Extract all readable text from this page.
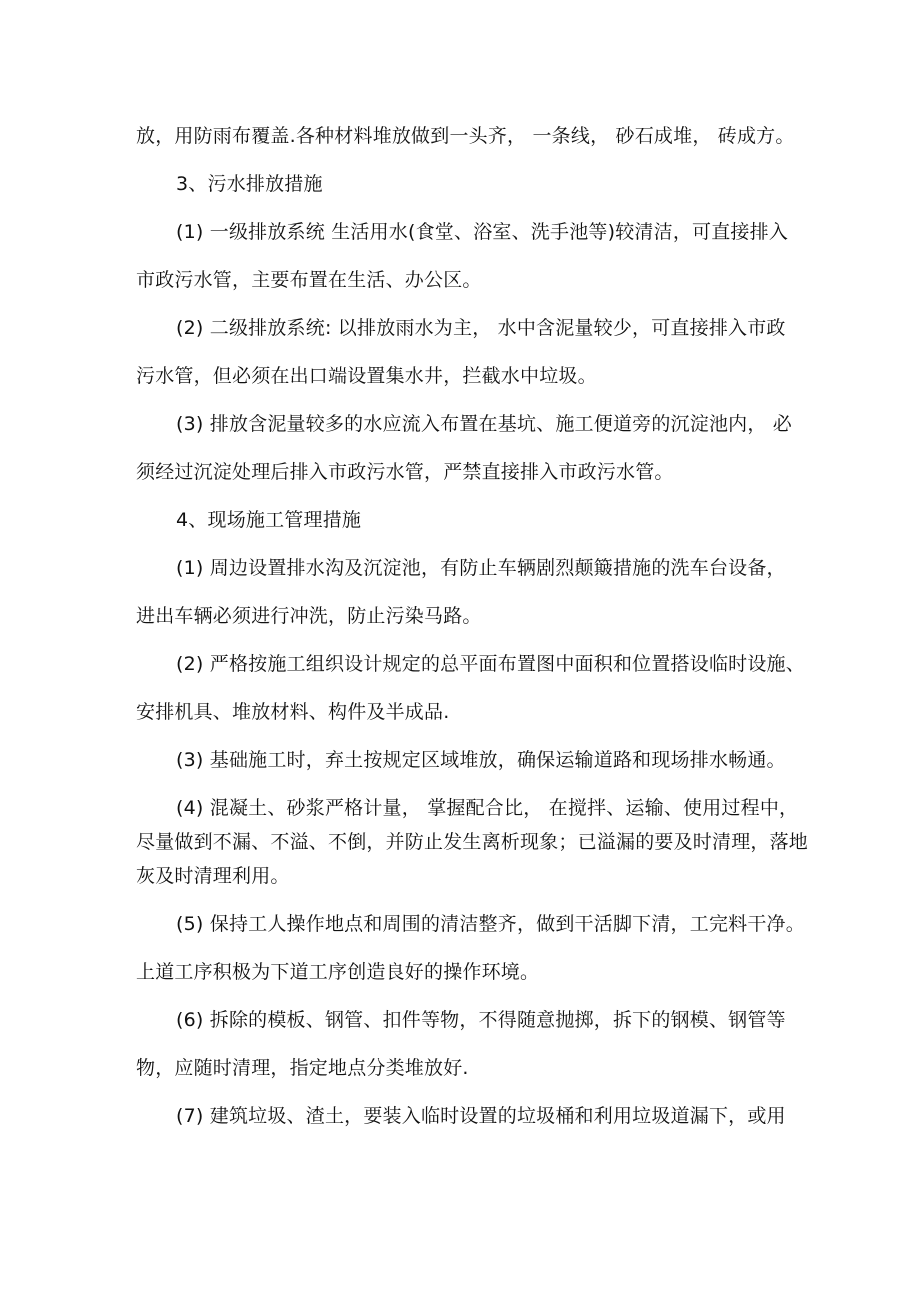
放，用防雨布覆盖.各种材料堆放做到一头齐， 一条线， 砂石成堆， 砖成方。

3、污水排放措施

(1) 一级排放系统 生活用水(食堂、浴室、洗手池等)较清洁，可直接排入
市政污水管，主要布置在生活、办公区。

(2) 二级排放系统: 以排放雨水为主， 水中含泥量较少，可直接排入市政
污水管，但必须在出口端设置集水井，拦截水中垃圾。

(3) 排放含泥量较多的水应流入布置在基坑、施工便道旁的沉淀池内， 必
须经过沉淀处理后排入市政污水管，严禁直接排入市政污水管。

4、现场施工管理措施

(1) 周边设置排水沟及沉淀池，有防止车辆剧烈颠簸措施的洗车台设备，
进出车辆必须进行冲洗，防止污染马路。

(2) 严格按施工组织设计规定的总平面布置图中面积和位置搭设临时设施、
安排机具、堆放材料、构件及半成品.

(3) 基础施工时，弃土按规定区域堆放，确保运输道路和现场排水畅通。

(4) 混凝土、砂浆严格计量， 掌握配合比， 在搅拌、运输、使用过程中，
尽量做到不漏、不溢、不倒，并防止发生离析现象；已溢漏的要及时清理，落地
灰及时清理利用。

(5) 保持工人操作地点和周围的清洁整齐，做到干活脚下清，工完料干净。
上道工序积极为下道工序创造良好的操作环境。

(6) 拆除的模板、钢管、扣件等物，不得随意抛掷，拆下的钢模、钢管等
物，应随时清理，指定地点分类堆放好.

(7) 建筑垃圾、渣土，要装入临时设置的垃圾桶和利用垃圾道漏下，或用
